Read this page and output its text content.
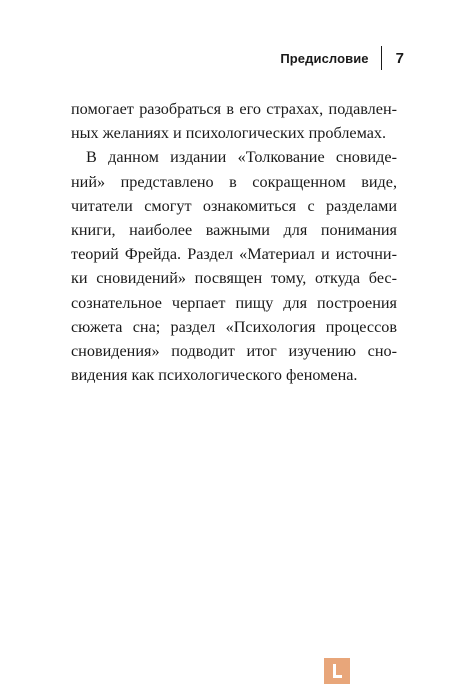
Предисловие 7
помогает разобраться в его страхах, подавлен-
ных желаниях и психологических проблемах.
В данном издании «Толкование сновиде-
ний» представлено в сокращенном виде,
читатели смогут ознакомиться с разделами
книги, наиболее важными для понимания
теорий Фрейда. Раздел «Материал и источни-
ки сновидений» посвящен тому, откуда бес-
сознательное черпает пищу для построения
сюжета сна; раздел «Психология процессов
сновидения» подводит итог изучению сно-
видения как психологического феномена.
